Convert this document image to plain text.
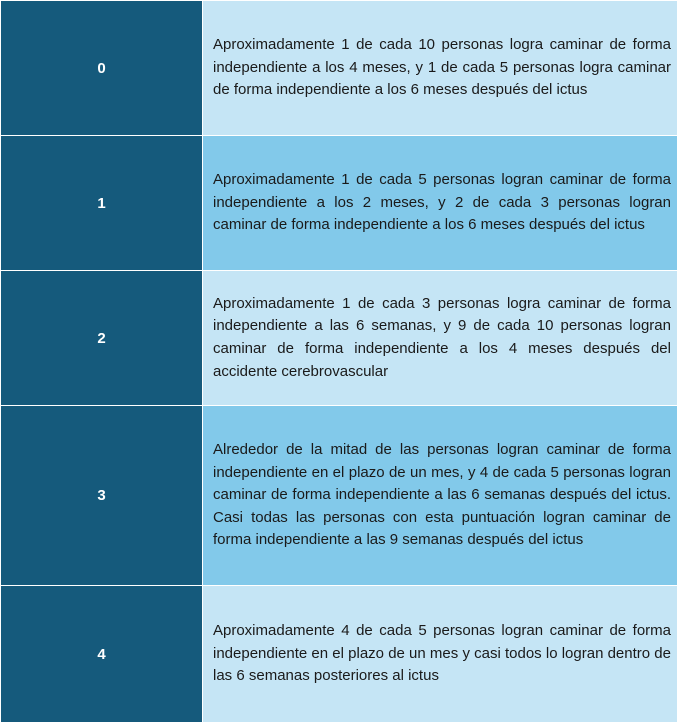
0	Aproximadamente 1 de cada 10 personas logra caminar de forma independiente a los 4 meses, y 1 de cada 5 personas logra caminar de forma independiente a los 6 meses después del ictus
1	Aproximadamente 1 de cada 5 personas logran caminar de forma independiente a los 2 meses, y 2 de cada 3 personas logran caminar de forma independiente a los 6 meses después del ictus
2	Aproximadamente 1 de cada 3 personas logra caminar de forma independiente a las 6 semanas, y 9 de cada 10 personas logran caminar de forma independiente a los 4 meses después del accidente cerebrovascular
3	Alrededor de la mitad de las personas logran caminar de forma independiente en el plazo de un mes, y 4 de cada 5 personas logran caminar de forma independiente a las 6 semanas después del ictus. Casi todas las personas con esta puntuación logran caminar de forma independiente a las 9 semanas después del ictus
4	Aproximadamente 4 de cada 5 personas logran caminar de forma independiente en el plazo de un mes y casi todos lo logran dentro de las 6 semanas posteriores al ictus
